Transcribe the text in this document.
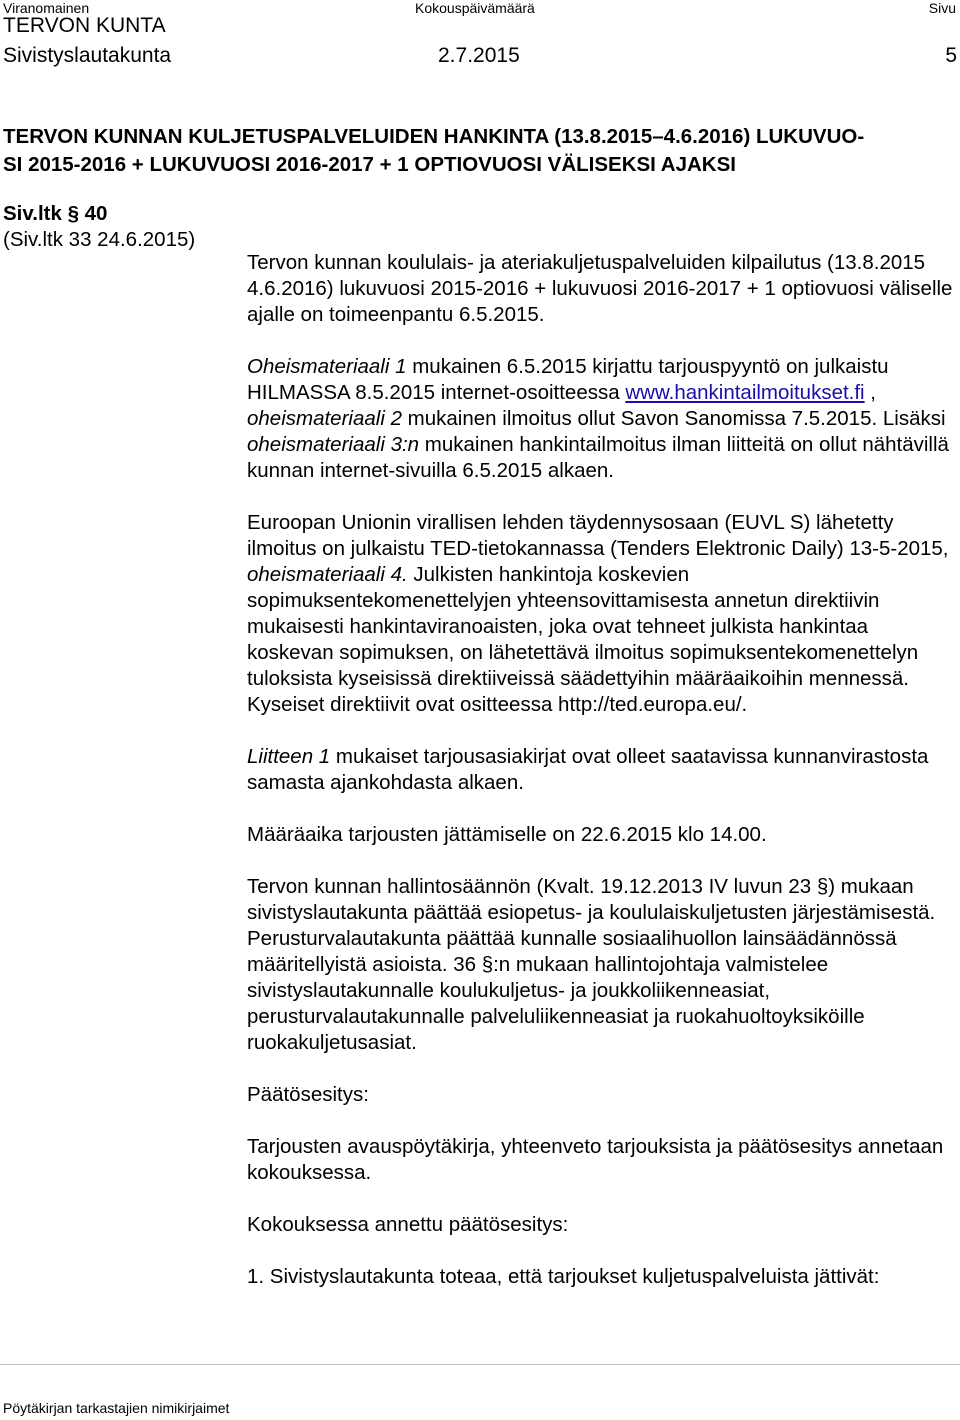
Viranomainen	Kokouspäivämäärä	Sivu
TERVON KUNTA
Sivistyslautakunta	2.7.2015	5
TERVON KUNNAN KULJETUSPALVELUIDEN HANKINTA (13.8.2015–4.6.2016) LUKUVUO-
SI 2015-2016 + LUKUVUOSI 2016-2017 + 1 OPTIOVUOSI VÄLISEKSI AJAKSI
Siv.ltk § 40
(Siv.ltk 33 24.6.2015)

Tervon kunnan koululais- ja ateriakuljetuspalveluiden kilpailutus (13.8.2015 4.6.2016) lukuvuosi 2015-2016 + lukuvuosi 2016-2017 + 1 optiovuosi väliselle ajalle on toimeenpantu 6.5.2015.

Oheismateriaali 1 mukainen 6.5.2015 kirjattu tarjouspyyntö on julkaistu HILMASSA 8.5.2015 internet-osoitteessa www.hankintailmoitukset.fi , oheismateriaali 2 mukainen ilmoitus ollut Savon Sanomissa 7.5.2015. Lisäksi oheismateriaali 3:n mukainen hankintailmoitus ilman liitteitä on ollut nähtävillä kunnan internet-sivuilla 6.5.2015 alkaen.

Euroopan Unionin virallisen lehden täydennysosaan (EUVL S) lähetetty ilmoitus on julkaistu TED-tietokannassa (Tenders Elektronic Daily) 13-5-2015, oheismateriaali 4. Julkisten hankintoja koskevien sopimuksentekomenettelyjen yhteensovittamisesta annetun direktiivin mukaisesti hankintaviranoaisten, joka ovat tehneet julkista hankintaa koskevan sopimuksen, on lähetettävä ilmoitus sopimuksentekomenettelyn tuloksista kyseisissä direktiiveissä säädettyihin määräaikoihin mennessä. Kyseiset direktiivit ovat ositteessa http://ted.europa.eu/.

Liitteen 1 mukaiset tarjousasiakirjat ovat olleet saatavissa kunnanvirastosta samasta ajankohdasta alkaen.

Määräaika tarjousten jättämiselle on 22.6.2015 klo 14.00.

Tervon kunnan hallintosäännön (Kvalt. 19.12.2013 IV luvun 23 §) mukaan sivistyslautakunta päättää esiopetus- ja koululaiskuljetusten järjestämisestä. Perusturvalautakunta päättää kunnalle sosiaalihuollon lainsäädännössä määritellyistä asioista. 36 §:n mukaan hallintojohtaja valmistelee sivistyslautakunnalle koulukuljetus- ja joukkoliikenneasiat, perusturvalautakunnalle palveluliikenneasiat ja ruokahuoltoyksiköille ruokakuljetusasiat.

Päätösesitys:

Tarjousten avauspöytäkirja, yhteenveto tarjouksista ja päätösesitys annetaan kokouksessa.

Kokouksessa annettu päätösesitys:

1. Sivistyslautakunta toteaa, että tarjoukset kuljetuspalveluista jättivät:

Pöytäkirjan tarkastajien nimikirjaimet
